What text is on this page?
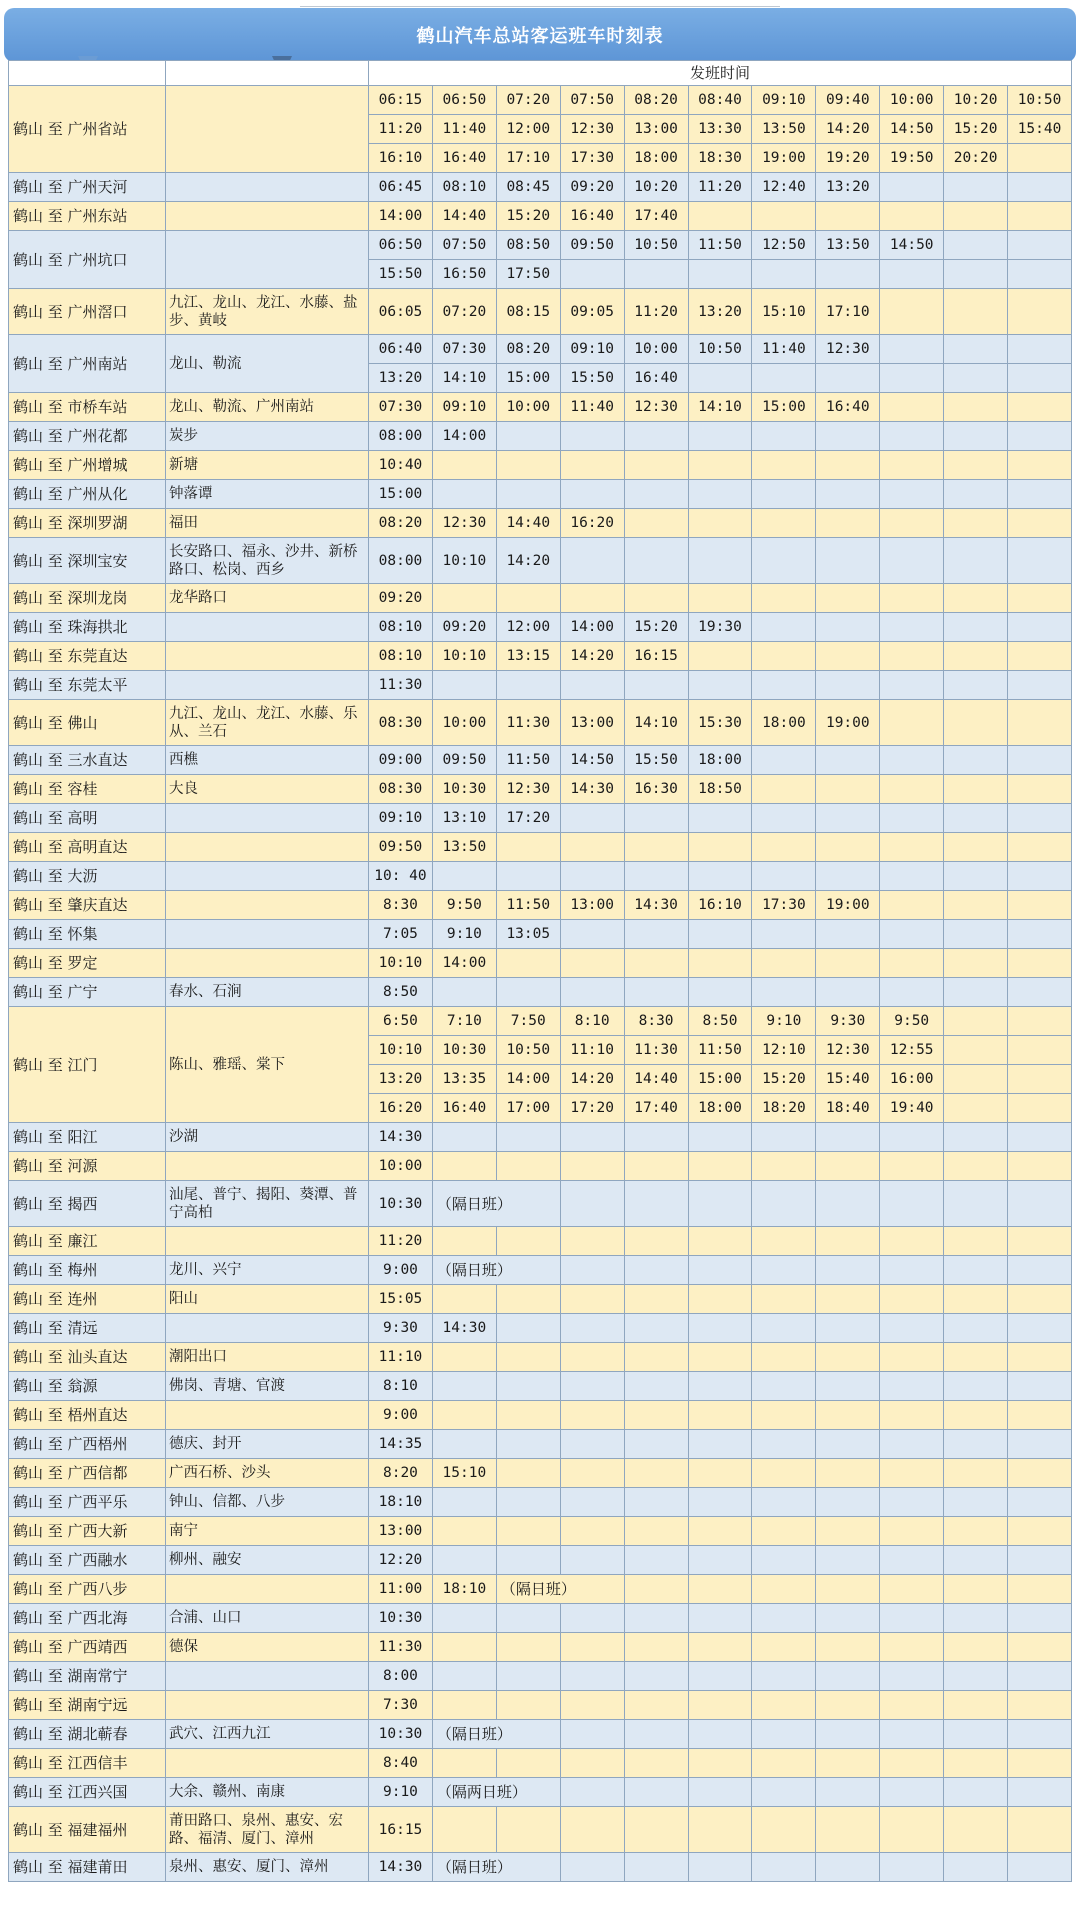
鹤山汽车总站客运班车时刻表
		发班时间										
鹤山 至 广州省站		06:15	06:50	07:20	07:50	08:20	08:40	09:10	09:40	10:00	10:20	10:50
		11:20	11:40	12:00	12:30	13:00	13:30	13:50	14:20	14:50	15:20	15:40
		16:10	16:40	17:10	17:30	18:00	18:30	19:00	19:20	19:50	20:20	
鹤山 至 广州天河		06:45	08:10	08:45	09:20	10:20	11:20	12:40	13:20			
鹤山 至 广州东站		14:00	14:40	15:20	16:40	17:40						
鹤山 至 广州坑口		06:50	07:50	08:50	09:50	10:50	11:50	12:50	13:50	14:50		
		15:50	16:50	17:50								
鹤山 至 广州滘口	九江、龙山、龙江、水藤、盐步、黄岐	06:05	07:20	08:15	09:05	11:20	13:20	15:10	17:10			
鹤山 至 广州南站	龙山、勒流	06:40	07:30	08:20	09:10	10:00	10:50	11:40	12:30			
		13:20	14:10	15:00	15:50	16:40						
鹤山 至 市桥车站	龙山、勒流、广州南站	07:30	09:10	10:00	11:40	12:30	14:10	15:00	16:40			
鹤山 至 广州花都	炭步	08:00	14:00									
鹤山 至 广州增城	新塘	10:40										
鹤山 至 广州从化	钟落谭	15:00										
鹤山 至 深圳罗湖	福田	08:20	12:30	14:40	16:20							
鹤山 至 深圳宝安	长安路口、福永、沙井、新桥路口、松岗、西乡	08:00	10:10	14:20								
鹤山 至 深圳龙岗	龙华路口	09:20										
鹤山 至 珠海拱北		08:10	09:20	12:00	14:00	15:20	19:30					
鹤山 至 东莞直达		08:10	10:10	13:15	14:20	16:15						
鹤山 至 东莞太平		11:30										
鹤山 至 佛山	九江、龙山、龙江、水藤、乐从、兰石	08:30	10:00	11:30	13:00	14:10	15:30	18:00	19:00			
鹤山 至 三水直达	西樵	09:00	09:50	11:50	14:50	15:50	18:00					
鹤山 至 容桂	大良	08:30	10:30	12:30	14:30	16:30	18:50					
鹤山 至 高明		09:10	13:10	17:20								
鹤山 至 高明直达		09:50	13:50									
鹤山 至 大沥		10: 40										
鹤山 至 肇庆直达		8:30	9:50	11:50	13:00	14:30	16:10	17:30	19:00			
鹤山 至 怀集		7:05	9:10	13:05								
鹤山 至 罗定		10:10	14:00									
鹤山 至 广宁	春水、石涧	8:50										
鹤山 至 江门	陈山、雅瑶、棠下	6:50	7:10	7:50	8:10	8:30	8:50	9:10	9:30	9:50		
		10:10	10:30	10:50	11:10	11:30	11:50	12:10	12:30	12:55		
		13:20	13:35	14:00	14:20	14:40	15:00	15:20	15:40	16:00		
		16:20	16:40	17:00	17:20	17:40	18:00	18:20	18:40	19:40		
鹤山 至 阳江	沙湖	14:30										
鹤山 至 河源		10:00										
鹤山 至 揭西	汕尾、普宁、揭阳、葵潭、普宁高柏	10:30	（隔日班）									
鹤山 至 廉江		11:20										
鹤山 至 梅州	龙川、兴宁	9:00	（隔日班）									
鹤山 至 连州	阳山	15:05										
鹤山 至 清远		9:30	14:30									
鹤山 至 汕头直达	潮阳出口	11:10										
鹤山 至 翁源	佛岗、青塘、官渡	8:10										
鹤山 至 梧州直达		9:00										
鹤山 至 广西梧州	德庆、封开	14:35										
鹤山 至 广西信都	广西石桥、沙头	8:20	15:10									
鹤山 至 广西平乐	钟山、信都、八步	18:10										
鹤山 至 广西大新	南宁	13:00										
鹤山 至 广西融水	柳州、融安	12:20										
鹤山 至 广西八步		11:00	18:10	（隔日班）								
鹤山 至 广西北海	合浦、山口	10:30										
鹤山 至 广西靖西	德保	11:30										
鹤山 至 湖南常宁		8:00										
鹤山 至 湖南宁远		7:30										
鹤山 至 湖北蕲春	武穴、江西九江	10:30	（隔日班）									
鹤山 至 江西信丰		8:40										
鹤山 至 江西兴国	大余、赣州、南康	9:10	（隔两日班）									
鹤山 至 福建福州	莆田路口、泉州、惠安、宏路、福清、厦门、漳州	16:15										
鹤山 至 福建莆田	泉州、惠安、厦门、漳州	14:30	（隔日班）									
